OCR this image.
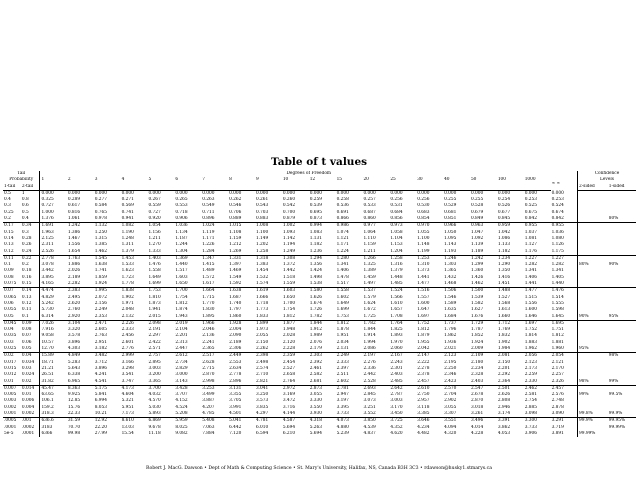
Table of t values
Tail		Degrees of Freedom																				Confidence	
Probability		1	2	3	4	5	6	7	8	9	10	12	15	20	25	30	40	50	100	1000	∞ ∞	Levels	
1-tail	2-tail																					2-sided	1-sided
0.5	1	0.000	0.000	0.000	0.000	0.000	0.000	0.000	0.000	0.000	0.000	0.000	0.000	0.000	0.000	0.000	0.000	0.000	0.000	0.000	0.000		
0.4	0.8	0.325	0.289	0.277	0.271	0.267	0.265	0.263	0.262	0.261	0.260	0.259	0.258	0.257	0.256	0.256	0.255	0.255	0.254	0.253	0.253		
0.3	0.6	0.727	0.617	0.584	0.569	0.559	0.553	0.549	0.546	0.543	0.542	0.539	0.536	0.533	0.531	0.530	0.529	0.528	0.526	0.525	0.524		
0.25	0.5	1.000	0.816	0.765	0.741	0.727	0.718	0.711	0.706	0.703	0.700	0.695	0.691	0.687	0.684	0.683	0.681	0.679	0.677	0.675	0.674		
0.2	0.4	1.376	1.061	0.978	0.941	0.920	0.906	0.896	0.889	0.883	0.879	0.873	0.866	0.860	0.856	0.854	0.851	0.849	0.845	0.842	0.842		80%
0.17	0.34	1.691	1.242	1.132	1.082	1.054	1.036	1.024	1.015	1.008	1.002	0.994	0.986	0.977	0.973	0.970	0.966	0.963	0.959	0.955	0.955		
0.15	0.3	1.963	1.386	1.250	1.190	1.156	1.134	1.119	1.108	1.100	1.093	1.083	1.074	1.064	1.058	1.055	1.050	1.047	1.042	1.037	1.036		
0.14	0.28	2.125	1.467	1.315	1.248	1.211	1.187	1.171	1.159	1.149	1.142	1.131	1.121	1.110	1.104	1.100	1.095	1.092	1.086	1.081	1.080		
0.13	0.26	2.311	1.556	1.385	1.311	1.270	1.244	1.226	1.212	1.202	1.194	1.182	1.171	1.159	1.153	1.148	1.143	1.139	1.133	1.127	1.126		
0.12	0.24	2.526	1.654	1.462	1.379	1.333	1.304	1.284	1.269	1.258	1.249	1.236	1.224	1.211	1.204	1.199	1.193	1.189	1.182	1.176	1.175		
0.11	0.22	2.778	1.763	1.545	1.453	1.403	1.369	1.347	1.331	1.318	1.308	1.294	1.280	1.266	1.258	1.253	1.246	1.242	1.234	1.227	1.227		
0.1	0.2	3.078	1.886	1.638	1.533	1.476	1.440	1.415	1.397	1.383	1.372	1.356	1.341	1.325	1.316	1.310	1.303	1.299	1.290	1.282	1.282	80%	90%
0.09	0.18	3.442	2.026	1.741	1.623	1.558	1.517	1.489	1.469	1.454	1.442	1.424	1.406	1.389	1.379	1.373	1.365	1.360	1.350	1.341	1.341		
0.08	0.16	3.895	2.189	1.859	1.723	1.649	1.603	1.572	1.549	1.532	1.518	1.498	1.478	1.459	1.448	1.441	1.432	1.426	1.416	1.406	1.405		
0.075	0.15	4.165	2.282	1.924	1.778	1.699	1.650	1.617	1.592	1.574	1.559	1.538	1.517	1.497	1.485	1.477	1.468	1.462	1.451	1.441	1.440		
0.07	0.14	4.474	2.383	1.995	1.838	1.753	1.700	1.664	1.638	1.619	1.603	1.580	1.558	1.537	1.524	1.516	1.506	1.500	1.488	1.477	1.476		
0.065	0.13	4.829	2.495	2.072	1.902	1.810	1.754	1.715	1.687	1.666	1.650	1.626	1.602	1.579	1.566	1.557	1.546	1.539	1.527	1.515	1.514		
0.06	0.12	5.242	2.620	2.156	1.971	1.873	1.812	1.770	1.740	1.718	1.700	1.674	1.649	1.624	1.610	1.600	1.589	1.582	1.568	1.556	1.555		
0.055	0.11	5.730	2.760	2.249	2.048	1.941	1.874	1.830	1.797	1.773	1.754	1.726	1.699	1.672	1.657	1.647	1.635	1.627	1.613	1.600	1.598		
0.05	0.1	6.314	2.920	2.353	2.132	2.015	1.943	1.895	1.860	1.833	1.812	1.782	1.753	1.725	1.708	1.697	1.684	1.676	1.660	1.646	1.645	90%	95%
0.045	0.09	7.026	3.104	2.471	2.226	2.098	2.019	1.966	1.928	1.899	1.877	1.844	1.812	1.782	1.764	1.752	1.737	1.729	1.712	1.697	1.695		
0.04	0.08	7.916	3.320	2.605	2.333	2.191	2.104	2.046	2.004	1.973	1.948	1.912	1.878	1.844	1.825	1.812	1.796	1.787	1.769	1.752	1.751		
0.035	0.07	9.058	3.578	2.763	2.456	2.297	2.201	2.136	2.090	2.055	2.028	1.989	1.951	1.914	1.893	1.879	1.862	1.852	1.832	1.814	1.812		
0.03	0.06	10.57	3.896	2.951	2.601	2.422	2.313	2.241	2.189	2.150	2.120	2.076	2.034	1.994	1.970	1.955	1.936	1.924	1.902	1.883	1.881		
0.025	0.05	12.70	4.303	3.182	2.776	2.571	2.447	2.365	2.306	2.262	2.228	2.179	2.131	2.086	2.060	2.042	2.021	2.009	1.984	1.962	1.960	95%	
0.02	0.04	15.89	4.849	3.482	2.999	2.757	2.612	2.517	2.449	2.398	2.359	2.303	2.249	2.197	2.167	2.147	2.123	2.109	2.081	2.056	2.054		98%
0.017	0.034	18.71	5.283	3.712	3.166	2.895	2.734	2.628	2.553	2.498	2.454	2.392	2.333	2.276	2.243	2.222	2.195	2.180	2.150	2.123	2.121		
0.015	0.03	21.21	5.643	3.896	3.298	3.003	2.829	2.715	2.634	2.574	2.527	2.461	2.397	2.336	2.301	2.278	2.250	2.234	2.201	2.173	2.170		
0.012	0.024	26.51	6.338	4.241	3.541	3.200	3.000	2.870	2.778	2.710	2.658	2.582	2.511	2.442	2.403	2.378	2.346	2.328	2.292	2.259	2.257		
0.01	0.02	31.82	6.965	4.541	3.747	3.365	3.143	2.998	2.896	2.821	2.764	2.681	2.602	2.528	2.485	2.457	2.423	2.403	2.364	2.330	2.326	98%	99%
0.007	0.014	45.47	8.363	5.175	4.173	3.700	3.428	3.253	3.131	3.041	2.972	2.873	2.781	2.693	2.642	2.610	2.570	2.547	2.501	2.462	2.457		
0.005	0.01	63.65	9.925	5.841	4.604	4.032	3.707	3.499	3.355	3.250	3.169	3.055	2.947	2.845	2.787	2.750	2.704	2.678	2.626	2.581	2.576	99%	99.5%
0.003	0.006	106.1	12.85	6.994	5.321	4.570	4.152	3.887	3.705	3.573	3.472	3.330	3.197	3.073	3.003	2.957	2.902	2.870	2.808	2.754	2.748		
0.002	0.004	159.2	15.76	8.053	5.951	5.030	4.524	4.207	3.991	3.835	3.716	3.550	3.395	3.251	3.170	3.118	3.055	3.018	2.946	2.885	2.878		
0.001	0.002	318.3	22.33	10.21	7.173	5.893	5.208	4.785	4.501	4.297	4.144	3.930	3.733	3.552	3.450	3.385	3.307	3.261	3.174	3.098	3.090	99.8%	99.9%
.0005	.001	636.6	31.59	12.92	8.610	6.869	5.959	5.408	5.041	4.781	4.587	4.318	4.073	3.850	3.725	3.646	3.551	3.496	3.391	3.300	3.291	99.9%	99.95%
.0001	.0002	3183	70.70	22.20	13.03	9.678	8.025	7.063	6.442	6.010	5.694	5.263	4.880	4.539	4.352	4.234	4.094	4.014	3.862	3.733	3.719		99.99%
5e-5	.0001	6366	99.98	27.99	15.54	11.18	9.082	7.884	7.120	6.594	6.210	5.694	5.239	4.837	4.620	4.482	4.320	4.228	4.053	3.906	3.891	99.99%	
Robert J. MacG. Dawson • Dept of Math & Computing Science • St. Mary's University, Halifax, NS, Canada B3H 3C3 • rdawson@husky1.stmarys.ca
